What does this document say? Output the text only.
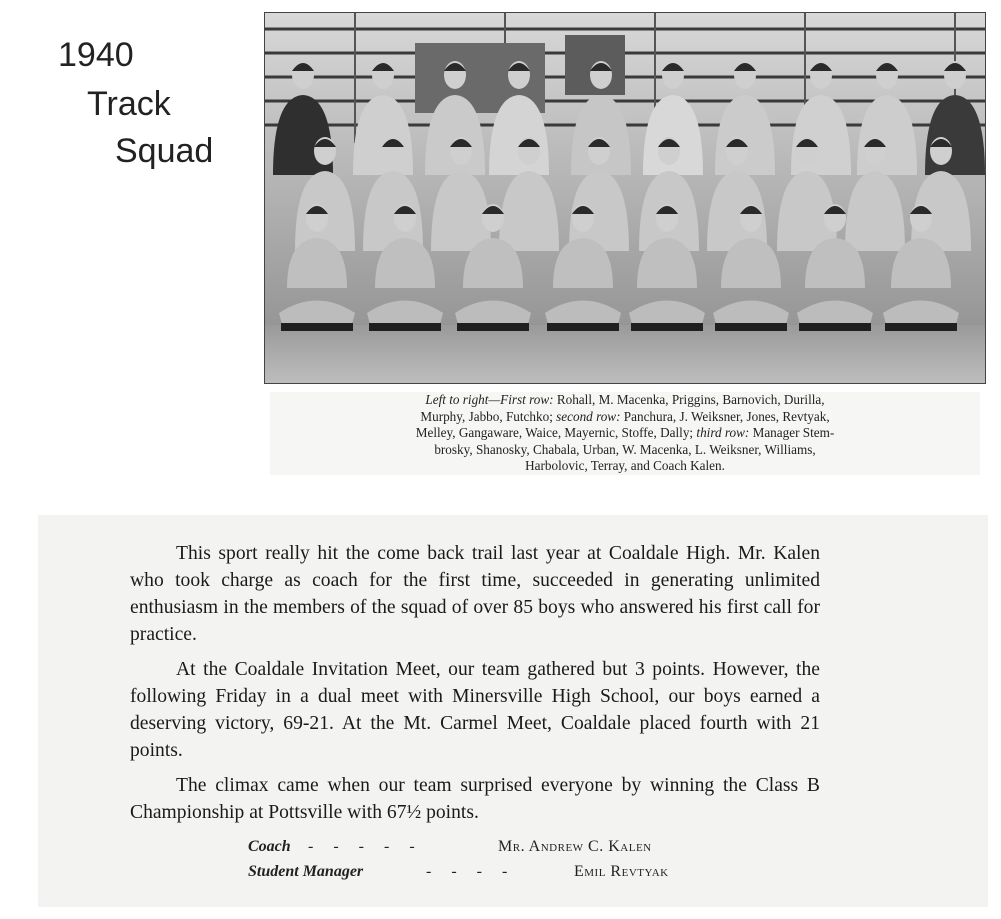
1940
Track
Squad

Left to right—First row: Rohall, M. Macenka, Priggins, Barnovich, Durilla,

Murphy, Jabbo, Futchko; second row: Panchura, J. Weiksner, Jones, Revtyak,

Melley, Gangaware, Waice, Mayernic, Stoffe, Dally; third row: Manager Stem-

brosky, Shanosky, Chabala, Urban, W. Macenka, L. Weiksner, Williams,

Harbolovic, Terray, and Coach Kalen.

This sport really hit the come back trail last year at Coaldale High. Mr. Kalen who took charge as coach for the first time, succeeded in generating unlimited enthusiasm in the members of the squad of over 85 boys who answered his first call for practice.

At the Coaldale Invitation Meet, our team gathered but 3 points. However, the following Friday in a dual meet with Minersville High School, our boys earned a deserving victory, 69-21. At the Mt. Carmel Meet, Coaldale placed fourth with 21 points.

The climax came when our team surprised everyone by winning the Class B Championship at Pottsville with 67½ points.

Coach	-     -     -     -     -	Mr. Andrew C. Kalen
Student Manager	-     -     -     -	Emil Revtyak
